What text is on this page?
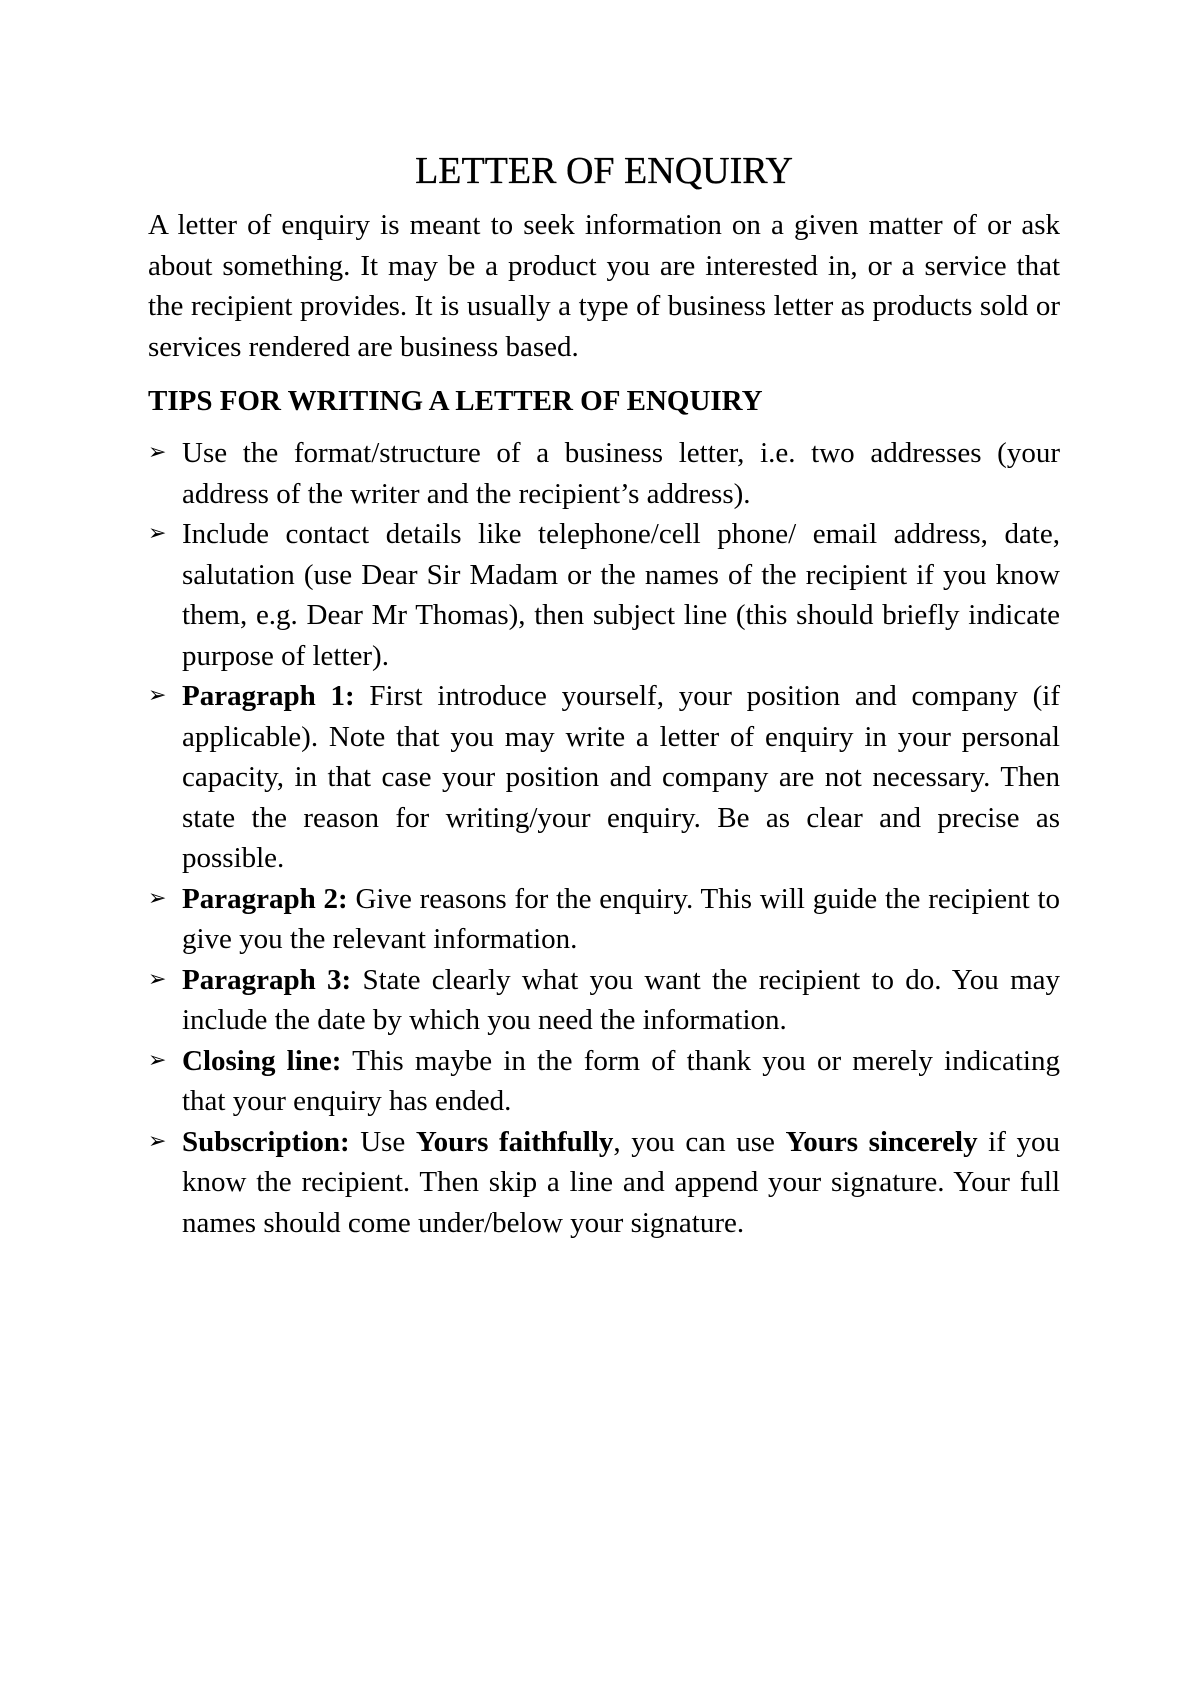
LETTER OF ENQUIRY

A letter of enquiry is meant to seek information on a given matter of or ask about something. It may be a product you are interested in, or a service that the recipient provides. It is usually a type of business letter as products sold or services rendered are business based.

TIPS FOR WRITING A LETTER OF ENQUIRY

➢ Use the format/structure of a business letter, i.e. two addresses (your address of the writer and the recipient’s address).
➢ Include contact details like telephone/cell phone/ email address, date, salutation (use Dear Sir Madam or the names of the recipient if you know them, e.g. Dear Mr Thomas), then subject line (this should briefly indicate purpose of letter).
➢ Paragraph 1: First introduce yourself, your position and company (if applicable). Note that you may write a letter of enquiry in your personal capacity, in that case your position and company are not necessary. Then state the reason for writing/your enquiry. Be as clear and precise as possible.
➢ Paragraph 2: Give reasons for the enquiry. This will guide the recipient to give you the relevant information.
➢ Paragraph 3: State clearly what you want the recipient to do. You may include the date by which you need the information.
➢ Closing line: This maybe in the form of thank you or merely indicating that your enquiry has ended.
➢ Subscription: Use Yours faithfully, you can use Yours sincerely if you know the recipient. Then skip a line and append your signature. Your full names should come under/below your signature.
